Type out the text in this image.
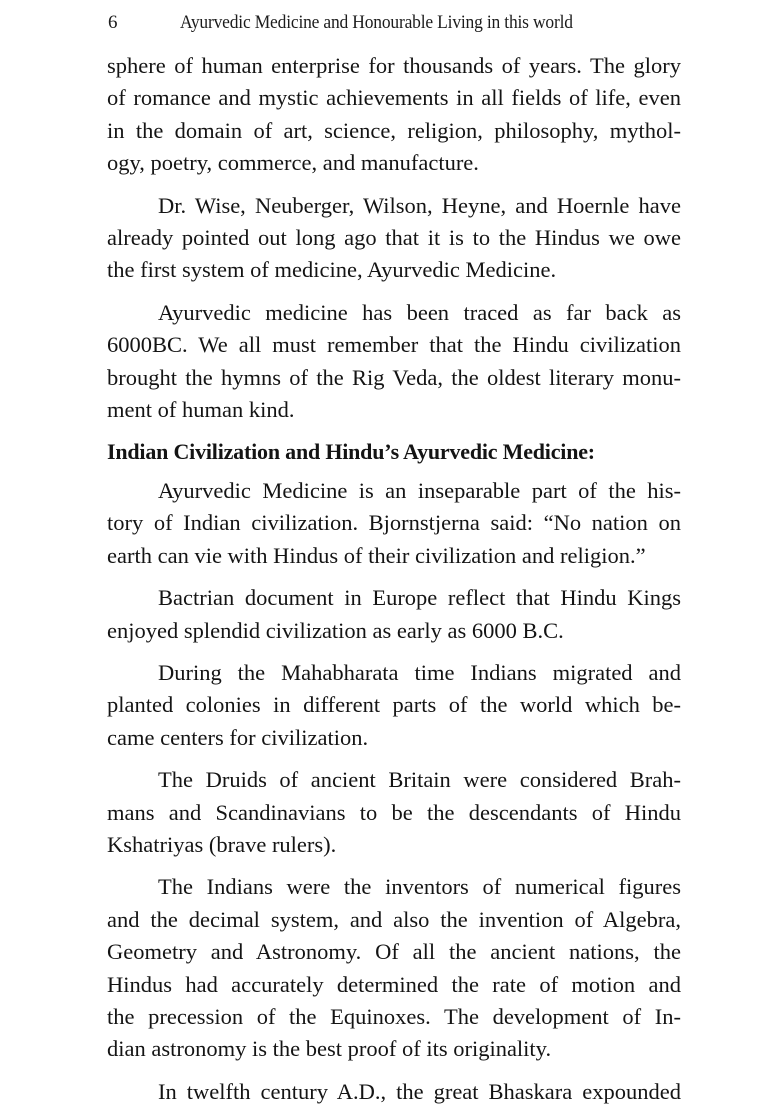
6	Ayurvedic Medicine and Honourable Living in this world

sphere of human enterprise for thousands of years. The glory
of romance and mystic achievements in all fields of life, even
in the domain of art, science, religion, philosophy, mythol-
ogy, poetry, commerce, and manufacture.

Dr. Wise, Neuberger, Wilson, Heyne, and Hoernle have
already pointed out long ago that it is to the Hindus we owe
the first system of medicine, Ayurvedic Medicine.

Ayurvedic medicine has been traced as far back as
6000BC. We all must remember that the Hindu civilization
brought the hymns of the Rig Veda, the oldest literary monu-
ment of human kind.

Indian Civilization and Hindu’s Ayurvedic Medicine:

Ayurvedic Medicine is an inseparable part of the his-
tory of Indian civilization. Bjornstjerna said: “No nation on
earth can vie with Hindus of their civilization and religion.”

Bactrian document in Europe reflect that Hindu Kings
enjoyed splendid civilization as early as 6000 B.C.

During the Mahabharata time Indians migrated and
planted colonies in different parts of the world which be-
came centers for civilization.

The Druids of ancient Britain were considered Brah-
mans and Scandinavians to be the descendants of Hindu
Kshatriyas (brave rulers).

The Indians were the inventors of numerical figures
and the decimal system, and also the invention of Algebra,
Geometry and Astronomy. Of all the ancient nations, the
Hindus had accurately determined the rate of motion and
the precession of the Equinoxes. The development of In-
dian astronomy is the best proof of its originality.

In twelfth century A.D., the great Bhaskara expounded
